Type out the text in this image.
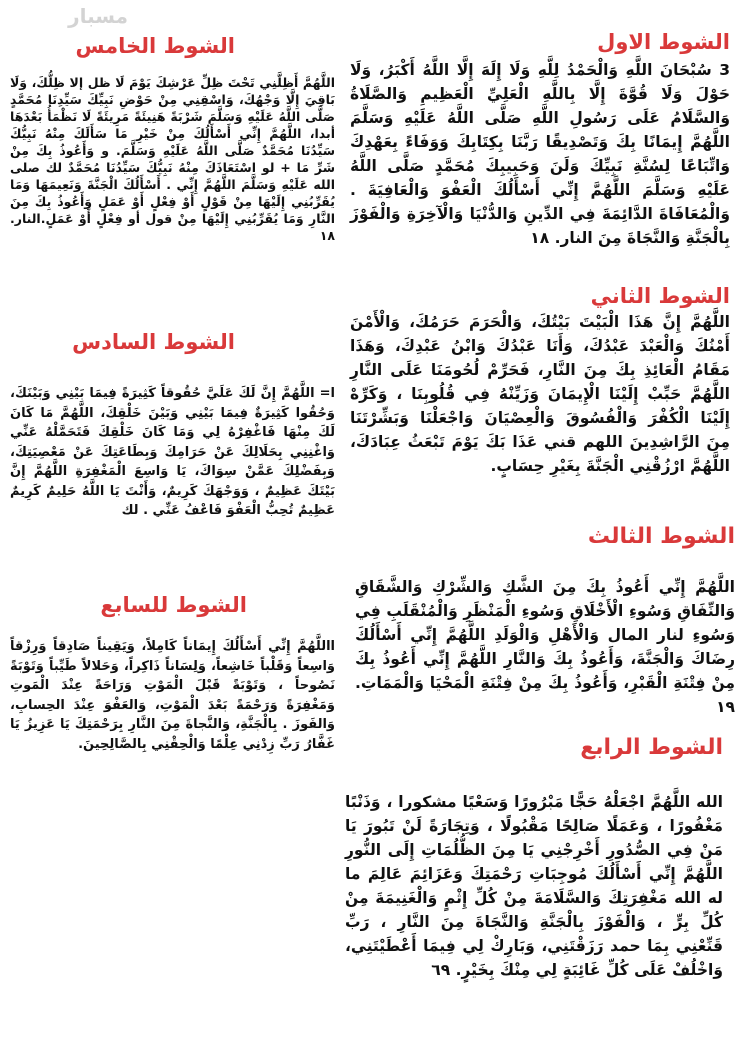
مسبار
الشوط الاول

3 سُبْحَانَ اللَّهِ وَالْحَمْدُ لِلَّهِ وَلَا إِلَهَ إِلَّا اللَّهُ أَكْبَرُ، وَلَا حَوْلَ وَلَا قُوَّةَ إِلَّا بِاللَّهِ الْعَلِيِّ الْعَظِيمِ وَالصَّلَاةُ وَالسَّلَامُ عَلَى رَسُولِ اللَّهِ صَلَّى اللَّهُ عَلَيْهِ وَسَلَّمَ اللَّهُمَّ إِيمَانًا بِكَ وَتَصْدِيقًا رَبَّنَا بِكِتَابِكَ وَوَفَاءً بِعَهْدِكَ وَاتِّبَاعًا لِسُنَّةِ نَبِيِّكَ وَلَنَ وَحَبِيبِكَ مُحَمَّدٍ صَلَّى اللَّهُ عَلَيْهِ وَسَلَّمَ اللَّهُمَّ إِنِّي أَسْأَلُكَ الْعَفْوَ وَالْعَافِيَةَ . وَالْمُعَافَاةَ الدَّائِمَةَ فِي الدِّينِ وَالدُّنْيَا وَالْآخِرَةِ وَالْفَوْزَ بِالْجَنَّةِ وَالنَّجَاةَ مِنَ النار. ١٨

الشوط الثاني

اللَّهُمَّ إِنَّ هَذَا الْبَيْتَ بَيْتُكَ، وَالْحَرَمَ حَرَمُكَ، وَالْأَمْنَ أَمْنُكَ وَالْعَبْدَ عَبْدُكَ، وَأَنَا عَبْدُكَ وَابْنُ عَبْدِكَ، وَهَذَا مَقَامُ الْعَائِذِ بِكَ مِنَ النَّارِ، فَحَرِّمْ لُحُومَنَا عَلَى النَّارِ اللَّهُمَّ حَبِّبْ إِلَيْنَا الْإِيمَانَ وَزَيِّنْهُ فِي قُلُوبِنَا ، وَكَرِّهْ إِلَيْنَا الْكُفْرَ وَالْفُسُوقَ وَالْعِصْيَانَ وَاجْعَلْنَا وَبَشِّرْتَنَا مِنَ الرَّاشِدِينَ اللهم قني عَذَا بَكَ يَوْمَ تَبْعَثُ عِبَادَكَ، اللَّهُمَّ ارْزُقْنِي الْجَنَّةَ بِغَيْرِ حِسَابٍ.

الشوط الثالث

اللَّهُمَّ إِنِّي أَعُوذُ بِكَ مِنَ الشَّكِ وَالشِّرْكِ وَالشَّقَاقِ وَالنِّفَاقِ وَسُوءِ الْأَخْلَاقِ وَسُوءِ الْمَنْظَرِ وَالْمُنْقَلَبِ فِي وَسُوءِ لنار المال وَالْأَهْلِ وَالْوَلَدِ اللَّهُمَّ إِنِّي أَسْأَلُكَ رِضَاكَ وَالْجَنَّةَ، وَأَعُوذُ بِكَ وَالنَّارِ اللَّهُمَّ إِنِّي أَعُوذُ بِكَ مِنْ فِتْنَةِ الْقَبْرِ، وَأَعُوذُ بِكَ مِنْ فِتْنَةِ الْمَحْيَا وَالْمَمَاتِ. ١٩

الشوط الرابع

الله اللَّهُمَّ اجْعَلْهُ حَجًّا مَبْرُورًا وَسَعْيًا مشكورا ، وَذَنْبًا مَغْفُورًا ، وَعَمَلًا صَالِحًا مَقْبُولًا ، وَتِجَارَةً لَنْ تَبُورَ يَا مَنْ فِي الصُّدُورِ أَخْرِجْنِي يَا مِنَ الظُّلُمَاتِ إِلَى النُّورِ اللَّهُمَّ إِنِّي أَسْأَلُكَ مُوجِبَاتِ رَحْمَتِكَ وَعَزَائِمَ عَالِمَ ما له الله مَغْفِرَتِكَ وَالسَّلَامَةَ مِنْ كُلِّ إِثْمٍ وَالْغَنِيمَةَ مِنْ كُلِّ بِرٍّ ، وَالْفَوْزَ بِالْجَنَّةِ وَالنَّجَاةَ مِنَ النَّارِ ، رَبِّ قَنِّعْنِي بِمَا حمد رَزَقْتَنِي، وَبَارِكْ لِي فِيمَا أَعْطَيْتَنِي، وَاخْلُفْ عَلَى كُلِّ غَائِبَةٍ لِي مِنْكَ بِخَيْرٍ. ٦٩

الشوط الخامس

اللَّهُمَّ أَظِلَّنِي تَحْتَ ظِلِّ عَرْشِكَ يَوْمَ لَا ظل إلا ظِلُّكَ، وَلَا بَاقِيَ إِلَّا وَجْهُكَ، وَاسْقِنِي مِنْ حَوْضِ نَبِيِّكَ سَيِّدِنَا مُحَمَّدٍ صَلَّى اللَّهُ عَلَيْهِ وَسَلَّمَ شَرْبَةً هَنِيئَةً مَرِيئَةً لَا نَظْمَأُ بَعْدَهَا أبدا، اللَّهُمَّ إِنِّي أَسْأَلُكَ مِنْ خَيْرِ مَا سَأَلَكَ مِنْهُ نَبِيُّكَ سَيِّدُنَا مُحَمَّدٌ صَلَّى اللَّهُ عَلَيْهِ وَسَلَّمَ. و وَأَعُوذُ بِكَ مِنْ شَرِّ مَا + لو اسْتَعَاذَكَ مِنْهُ نَبِيُّكَ سَيِّدُنَا مُحَمَّدٌ لك صلى الله عَلَيْهِ وَسَلَّمَ اللَّهُمَّ إِنِّي . أَسْأَلُكَ الْجَنَّةَ وَنَعِيمَهَا وَمَا يُقَرِّبُنِي إِلَيْهَا مِنْ قَوْلٍ أَوْ فِعْلٍ أَوْ عَمَلٍ وَأَعُوذُ بِكَ مِنَ النَّارِ وَمَا يُقَرِّبُنِي إِلَيْهَا مِنْ قول أو فِعْلٍ أَوْ عَمَلٍ.النار. ١٨

الشوط السادس

ا= اللَّهُمَّ إِنَّ لَكَ عَلَيَّ حُقُوقاً كَثِيرَةً فِيمَا بَيْنِي وَبَيْنَكَ، وَحُقُوا كَثِيرَةٌ فِيمَا بَيْنِي وَبَيْنَ خَلْقِكَ، اللَّهُمَّ مَا كَانَ لَكَ مِنْهَا فَاغْفِرْهُ لِي وَمَا كَانَ خَلْقِكَ فَتَحَمَّلْهُ عَنِّي وَاغْنِنِي بِحَلَالِكَ عَنْ حَرَامِكَ وَبِطَاعَتِكَ عَنْ مَعْصِيَتِكَ، وَبِفَضْلِكَ عَمَّنْ سِوَاكَ، يَا وَاسِعَ الْمَغْفِرَةِ اللَّهُمَّ إِنَّ بَيْتَكَ عَظِيمٌ ، وَوَجْهَكَ كَرِيمٌ، وَأَنْتَ يَا اللَّهُ حَلِيمٌ كَرِيمٌ عَظِيمٌ تُحِبُّ الْعَفْوَ فَاعْفُ عَنِّي . لك

الشوط للسابع

االلَّهُمَّ إِنِّي أَسْأَلُكَ إِيمَاناً كَامِلاً، وَيَقِيناً صَادِقاً وَرِزْقاً وَاسِعاً وَقَلْباً خَاشِعاً، وَلِسَاناً ذَاكِراً، وَحَلالاً طَيِّباً وَتَوْبَةً نَصُوحاً ، وَتَوْبَةً قَبْلَ الْمَوْتِ وَرَاحَةً عِنْدَ الْمَوتِ وَمَغْفِرَةً وَرَحْمَةً بَعْدَ الْمَوْتِ، وَالعَفْوَ عِنْدَ الحِسابِ، وَالفَوزَ . بِالْجَنَّةِ، وَالنَّجاةَ مِنَ النَّارِ بِرَحْمَتِكَ يَا عَزِيزُ يَا غَفَّارُ رَبِّ زِدْنِي عِلْمًا وَالْحِقْنِي بِالصَّالِحِينَ.
